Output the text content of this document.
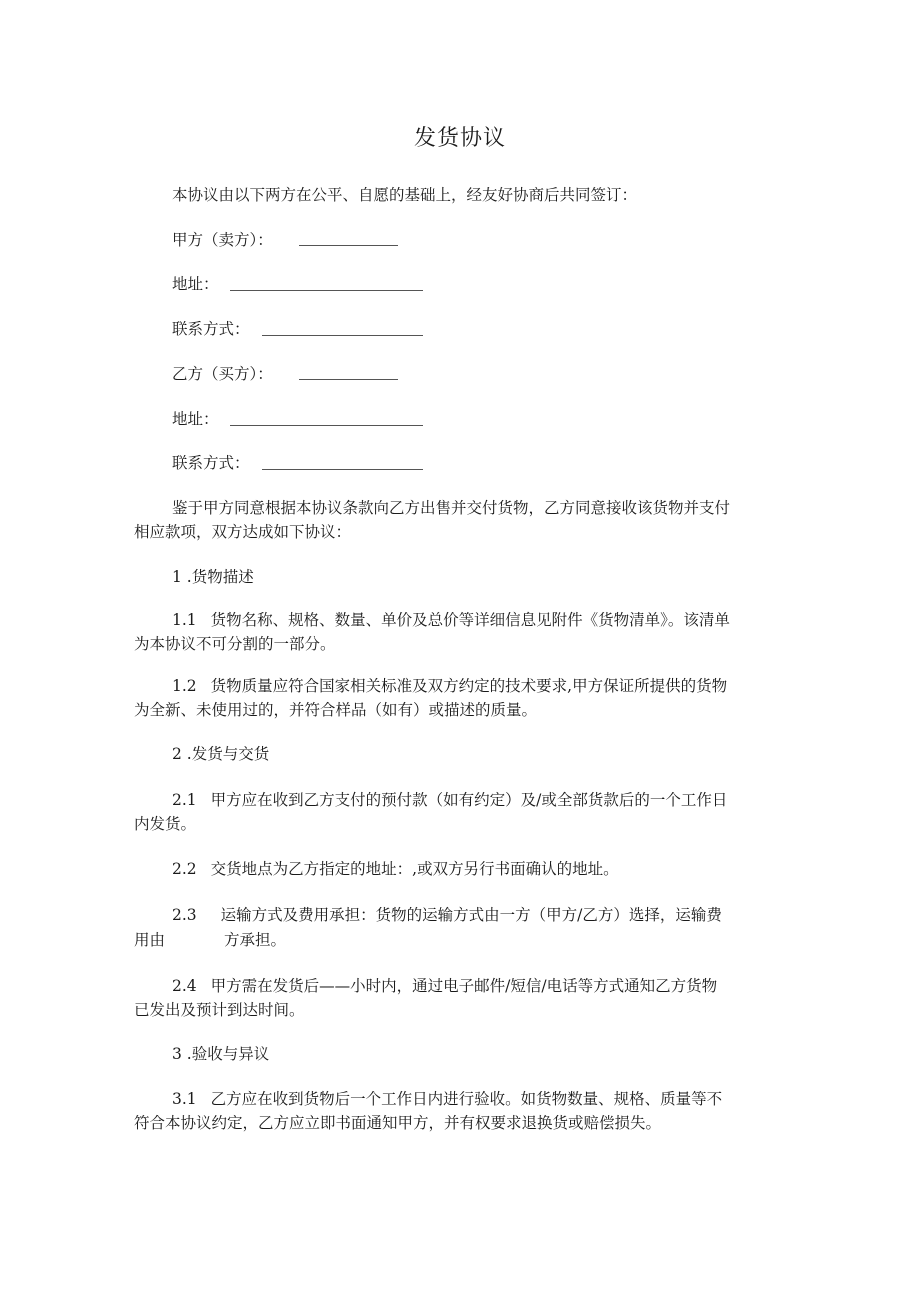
发货协议
本协议由以下两方在公平、自愿的基础上，经友好协商后共同签订：
甲方（卖方）：
地址：
联系方式：
乙方（买方）：
地址：
联系方式：
鉴于甲方同意根据本协议条款向乙方出售并交付货物，乙方同意接收该货物并支付
相应款项，双方达成如下协议：
1 .货物描述
1.1 货物名称、规格、数量、单价及总价等详细信息见附件《货物清单》。该清单
为本协议不可分割的一部分。
1.2 货物质量应符合国家相关标准及双方约定的技术要求,甲方保证所提供的货物
为全新、未使用过的，并符合样品（如有）或描述的质量。
2 .发货与交货
2.1 甲方应在收到乙方支付的预付款（如有约定）及/或全部货款后的一个工作日
内发货。
2.2 交货地点为乙方指定的地址：,或双方另行书面确认的地址。
2.3 运输方式及费用承担：货物的运输方式由一方（甲方/乙方）选择，运输费
用由	方承担。
2.4 甲方需在发货后——小时内，通过电子邮件/短信/电话等方式通知乙方货物
已发出及预计到达时间。
3 .验收与异议
3.1 乙方应在收到货物后一个工作日内进行验收。如货物数量、规格、质量等不
符合本协议约定，乙方应立即书面通知甲方，并有权要求退换货或赔偿损失。
